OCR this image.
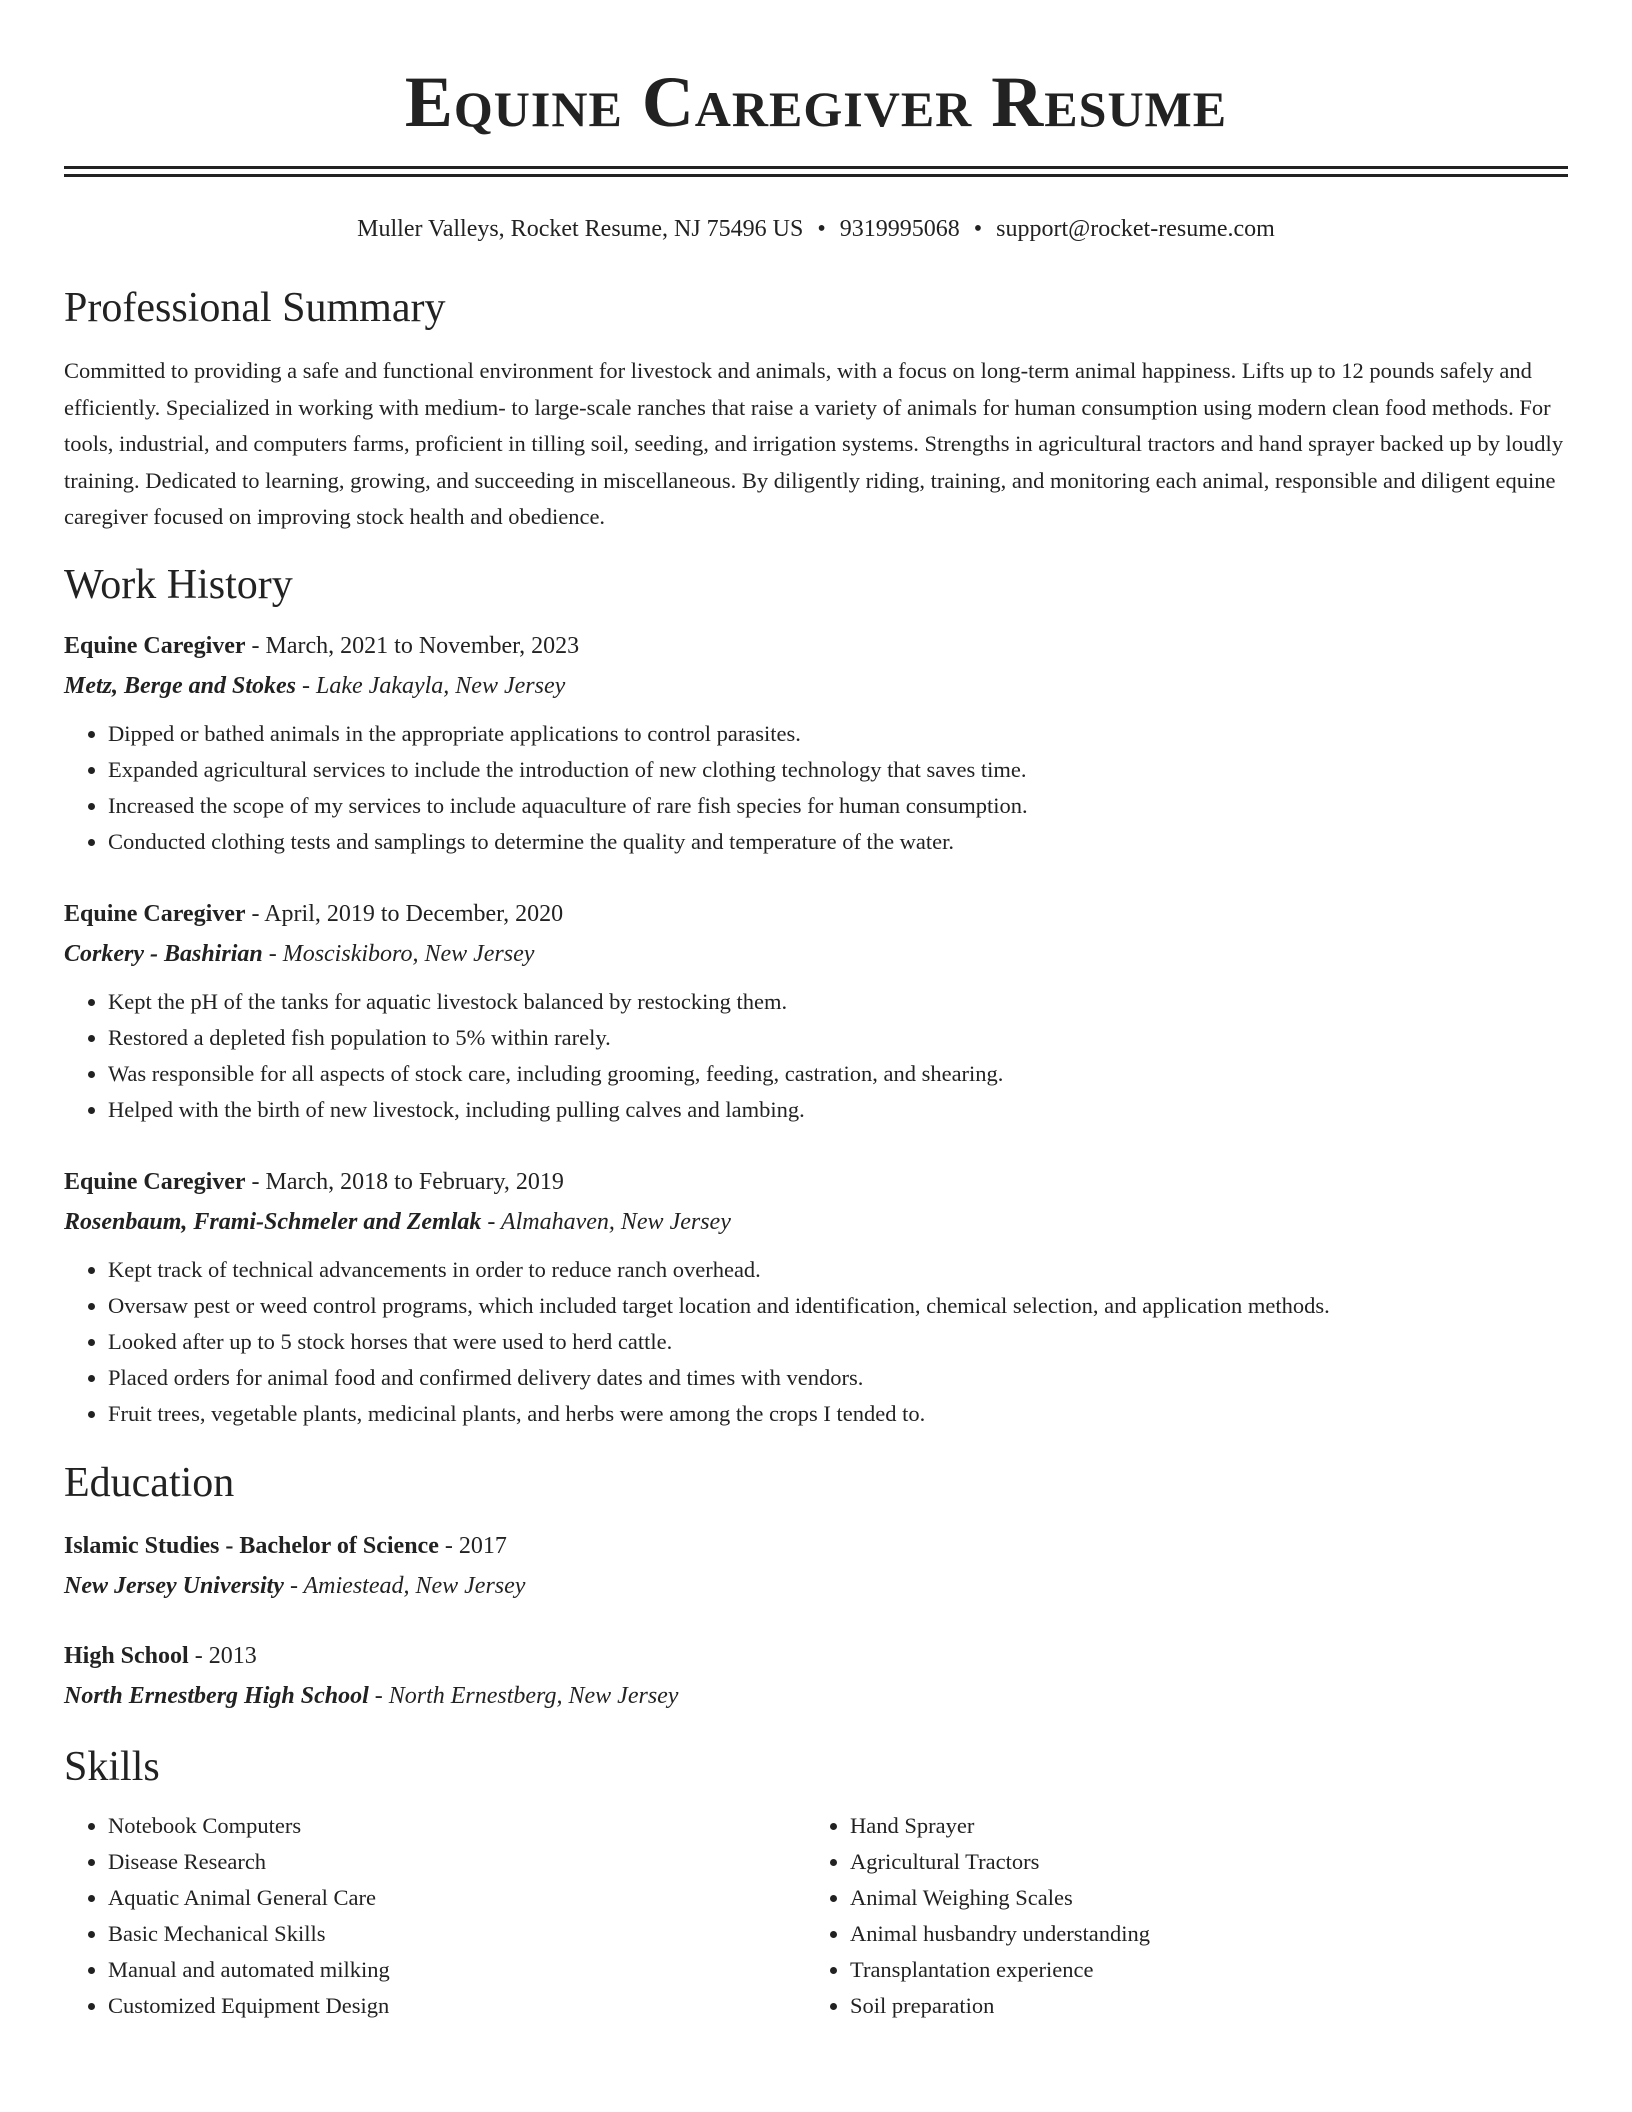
Equine Caregiver Resume
Muller Valleys, Rocket Resume, NJ 75496 US • 9319995068 • support@rocket-resume.com
Professional Summary

Committed to providing a safe and functional environment for livestock and animals, with a focus on long-term animal happiness. Lifts up to 12 pounds safely and efficiently. Specialized in working with medium- to large-scale ranches that raise a variety of animals for human consumption using modern clean food methods. For tools, industrial, and computers farms, proficient in tilling soil, seeding, and irrigation systems. Strengths in agricultural tractors and hand sprayer backed up by loudly training. Dedicated to learning, growing, and succeeding in miscellaneous. By diligently riding, training, and monitoring each animal, responsible and diligent equine caregiver focused on improving stock health and obedience.

Work History
Equine Caregiver - March, 2021 to November, 2023
Metz, Berge and Stokes - Lake Jakayla, New Jersey
• Dipped or bathed animals in the appropriate applications to control parasites.
• Expanded agricultural services to include the introduction of new clothing technology that saves time.
• Increased the scope of my services to include aquaculture of rare fish species for human consumption.
• Conducted clothing tests and samplings to determine the quality and temperature of the water.
Equine Caregiver - April, 2019 to December, 2020
Corkery - Bashirian - Mosciskiboro, New Jersey
• Kept the pH of the tanks for aquatic livestock balanced by restocking them.
• Restored a depleted fish population to 5% within rarely.
• Was responsible for all aspects of stock care, including grooming, feeding, castration, and shearing.
• Helped with the birth of new livestock, including pulling calves and lambing.
Equine Caregiver - March, 2018 to February, 2019
Rosenbaum, Frami-Schmeler and Zemlak - Almahaven, New Jersey
• Kept track of technical advancements in order to reduce ranch overhead.
• Oversaw pest or weed control programs, which included target location and identification, chemical selection, and application methods.
• Looked after up to 5 stock horses that were used to herd cattle.
• Placed orders for animal food and confirmed delivery dates and times with vendors.
• Fruit trees, vegetable plants, medicinal plants, and herbs were among the crops I tended to.
Education
Islamic Studies - Bachelor of Science - 2017
New Jersey University - Amiestead, New Jersey
High School - 2013
North Ernestberg High School - North Ernestberg, New Jersey
Skills
• Notebook Computers
• Disease Research
• Aquatic Animal General Care
• Basic Mechanical Skills
• Manual and automated milking
• Customized Equipment Design
• Hand Sprayer
• Agricultural Tractors
• Animal Weighing Scales
• Animal husbandry understanding
• Transplantation experience
• Soil preparation
